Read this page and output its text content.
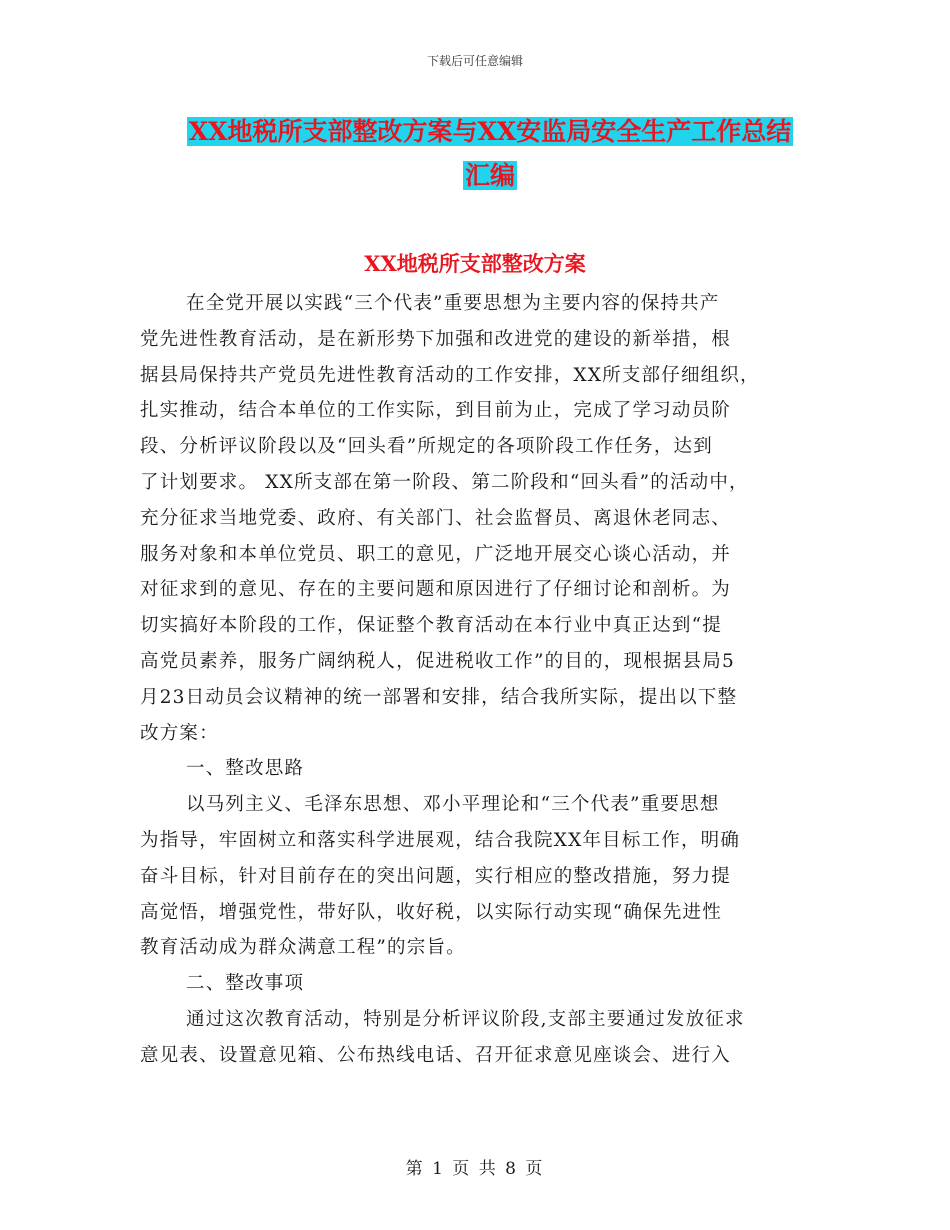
下载后可任意编辑
XX地税所支部整改方案与XX安监局安全生产工作总结
汇编
XX地税所支部整改方案
在全党开展以实践“三个代表”重要思想为主要内容的保持共产
党先进性教育活动，是在新形势下加强和改进党的建设的新举措，根
据县局保持共产党员先进性教育活动的工作安排，XX所支部仔细组织，
扎实推动，结合本单位的工作实际，到目前为止，完成了学习动员阶
段、分析评议阶段以及“回头看”所规定的各项阶段工作任务，达到
了计划要求。 XX所支部在第一阶段、第二阶段和“回头看”的活动中，
充分征求当地党委、政府、有关部门、社会监督员、离退休老同志、
服务对象和本单位党员、职工的意见，广泛地开展交心谈心活动，并
对征求到的意见、存在的主要问题和原因进行了仔细讨论和剖析。为
切实搞好本阶段的工作，保证整个教育活动在本行业中真正达到“提
高党员素养，服务广阔纳税人，促进税收工作”的目的，现根据县局5
月23日动员会议精神的统一部署和安排，结合我所实际，提出以下整
改方案：
一、整改思路
以马列主义、毛泽东思想、邓小平理论和“三个代表”重要思想
为指导，牢固树立和落实科学进展观，结合我院XX年目标工作，明确
奋斗目标，针对目前存在的突出问题，实行相应的整改措施，努力提
高觉悟，增强党性，带好队，收好税，以实际行动实现“确保先进性
教育活动成为群众满意工程”的宗旨。
二、整改事项
通过这次教育活动，特别是分析评议阶段,支部主要通过发放征求
意见表、设置意见箱、公布热线电话、召开征求意见座谈会、进行入
第 1 页 共 8 页
